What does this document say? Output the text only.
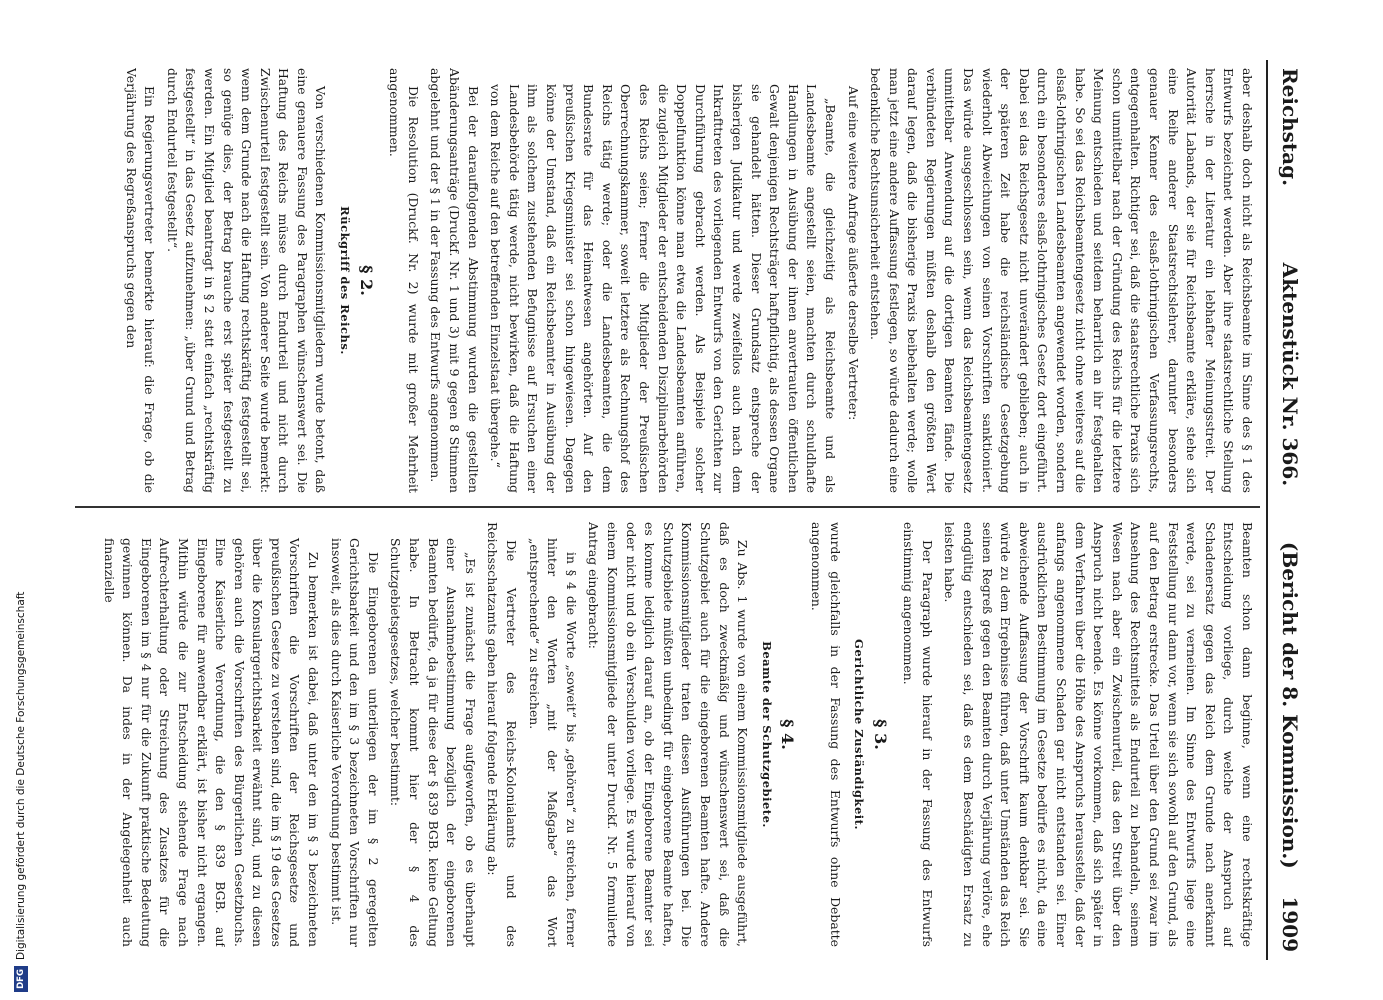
Reichstag.           Aktenstück Nr. 366.        (Bericht der 8. Kommission.)
1909

aber deshalb doch nicht als Reichsbeamte im Sinne des § 1 des Entwurfs bezeichnet werden. Aber ihre staatsrechtliche Stellung herrsche in der Literatur ein lebhafter Meinungsstreit. Der Autorität Labands, der sie für Reichsbeamte erkläre, stehe sich eine Reihe anderer Staatsrechtslehrer, darunter besonders genauer Kenner des elsaß-lothringischen Verfassungsrechts, entgegenhalten. Richtiger sei, daß die staatsrechtliche Praxis sich schon unmittelbar nach der Gründung des Reichs für die letztere Meinung entschieden und seitdem beharrlich an ihr festgehalten habe. So sei das Reichsbeamtengesetz nicht ohne weiteres auf die elsaß-lothringischen Landesbeamten angewendet worden, sondern durch ein besonderes elsaß-lothringisches Gesetz dort eingeführt. Dabei sei das Reichsgesetz nicht unverändert geblieben; auch in der späteren Zeit habe die reichsländische Gesetzgebung wiederholt Abweichungen von seinen Vorschriften sanktioniert. Das würde ausgeschlossen sein, wenn das Reichsbeamtengesetz unmittelbar Anwendung auf die dortigen Beamten fände. Die verbündeten Regierungen müßten deshalb den größten Wert darauf legen, daß die bisherige Praxis beibehalten werde; wolle man jetzt eine andere Auffassung festlegen, so würde dadurch eine bedenkliche Rechtsunsicherheit entstehen.

Auf eine weitere Anfrage äußerte derselbe Vertreter:

„Beamte, die gleichzeitig als Reichsbeamte und als Landesbeamte angestellt seien, machten durch schuldhafte Handlungen in Ausübung der ihnen anvertrauten öffentlichen Gewalt denjenigen Rechtsträger haftpflichtig, als dessen Organe sie gehandelt hätten. Dieser Grundsatz entspreche der bisherigen Judikatur und werde zweifellos auch nach dem Inkrafttreten des vorliegenden Entwurfs von den Gerichten zur Durchführung gebracht werden. Als Beispiele solcher Doppelfunktion könne man etwa die Landesbeamten anführen, die zugleich Mitglieder der entscheidenden Disziplinarbehörden des Reichs seien; ferner die Mitglieder der Preußischen Oberrechnungskammer, soweit letztere als Rechnungshof des Reichs tätig werde; oder die Landesbeamten, die dem Bundesrate für das Heimatwesen angehörten. Auf den preußischen Kriegsminister sei schon hingewiesen. Dagegen könne der Umstand, daß ein Reichsbeamter in Ausübung der ihm als solchem zustehenden Befugnisse auf Ersuchen einer Landesbehörde tätig werde, nicht bewirken, daß die Haftung von dem Reiche auf den betreffenden Einzelstaat übergehe.“

Bei der darauffolgenden Abstimmung wurden die gestellten Abänderungsanträge (Druckf. Nr. 1 und 3) mit 9 gegen 8 Stimmen abgelehnt und der § 1 in der Fassung des Entwurfs angenommen.

Die Resolution (Druckf. Nr. 2) wurde mit großer Mehrheit angenommen.

§ 2.
Rückgriff des Reichs.

Von verschiedenen Kommissionsmitgliedern wurde betont, daß eine genauere Fassung des Paragraphen wünschenswert sei. Die Haftung des Reichs müsse durch Endurteil und nicht durch Zwischenurteil festgestellt sein. Von anderer Seite wurde bemerkt: wenn dem Grunde nach die Haftung rechtskräftig festgestellt sei, so genüge dies, der Betrag brauche erst später festgestellt zu werden. Ein Mitglied beantragt in § 2 statt einfach „rechtskräftig festgestellt“ in das Gesetz aufzunehmen: „über Grund und Betrag durch Endurteil festgestellt“.

Ein Regierungsvertreter bemerkte hierauf: die Frage, ob die Verjährung des Regreßanspruchs gegen den

Beamten schon dann beginne, wenn eine rechtskräftige Entscheidung vorliege, durch welche der Anspruch auf Schadenersatz gegen das Reich dem Grunde nach anerkannt werde, sei zu verneinen. Im Sinne des Entwurfs liege eine Feststellung nur dann vor, wenn sie sich sowohl auf den Grund, als auf den Betrag erstrecke. Das Urteil über den Grund sei zwar im Ansehung des Rechtsmittels als Endurteil zu behandeln, seinem Wesen nach aber ein Zwischenurteil, das den Streit über den Anspruch nicht beende. Es könne vorkommen, daß sich später in dem Verfahren über die Höhe des Anspruchs herausstelle, daß der anfangs angenommene Schaden gar nicht entstanden sei. Einer ausdrücklichen Bestimmung im Gesetze bedürfe es nicht, da eine abweichende Auffassung der Vorschrift kaum denkbar sei. Sie würde zu dem Ergebnisse führen, daß unter Umständen das Reich seinen Regreß gegen den Beamten durch Verjährung verlöre, ehe endgültig entschieden sei, daß es dem Beschädigten Ersatz zu leisten habe.

Der Paragraph wurde hierauf in der Fassung des Entwurfs einstimmig angenommen.

§ 3.
Gerichtliche Zuständigkeit.

wurde gleichfalls in der Fassung des Entwurfs ohne Debatte angenommen.

§ 4.
Beamte der Schutzgebiete.

Zu Abs. 1 wurde von einem Kommissionsmitgliede ausgeführt, daß es doch zweckmäßig und wünschenswert sei, daß die Schutzgebiet auch für die eingeborenen Beamten hafte. Andere Kommissionsmitglieder traten diesen Ausführungen bei. Die Schutzgebiete müßten unbedingt für eingeborene Beamte haften, es komme lediglich darauf an, ob der Eingeborene Beamter sei oder nicht und ob ein Verschulden vorliege. Es wurde hierauf von einem Kommissionsmitgliede der unter Druckf. Nr. 5 formulierte Antrag eingebracht:

in § 4 die Worte „soweit“ bis „gehören“ zu streichen, ferner hinter den Worten „mit der Maßgabe“ das Wort „entsprechende“ zu streichen.

Die Vertreter des Reichs-Kolonialamts und des Reichsschatzamts gaben hierauf folgende Erklärung ab:

„Es ist zunächst die Frage aufgeworfen, ob es überhaupt einer Ausnahmebestimmung bezüglich der eingeborenen Beamten bedürfe, da ja für diese der § 839 BGB. keine Geltung habe. In Betracht kommt hier der § 4 des Schutzgebietsgesetzes, welcher bestimmt:

Die Eingeborenen unterliegen der im § 2 geregelten Gerichtsbarkeit und den im § 3 bezeichneten Vorschriften nur insoweit, als dies durch Kaiserliche Verordnung bestimmt ist.

Zu bemerken ist dabei, daß unter den im § 3 bezeichneten Vorschriften die Vorschriften der Reichsgesetze und preußischen Gesetze zu verstehen sind, die im § 19 des Gesetzes über die Konsulargerichtsbarkeit erwähnt sind, und zu diesen gehören auch die Vorschriften des Bürgerlichen Gesetzbuchs. Eine Kaiserliche Verordnung, die den § 839 BGB. auf Eingeborene für anwendbar erklärt, ist bisher nicht ergangen. Mithin würde die zur Entscheidung stehende Frage nach Aufrechterhaltung oder Streichung des Zusatzes für die Eingeborenen im § 4 nur für die Zukunft praktische Bedeutung gewinnen können. Da indes in der Angelegenheit auch finanzielle

DFGDigitalisierung gefördert durch die Deutsche Forschungsgemeinschaft
